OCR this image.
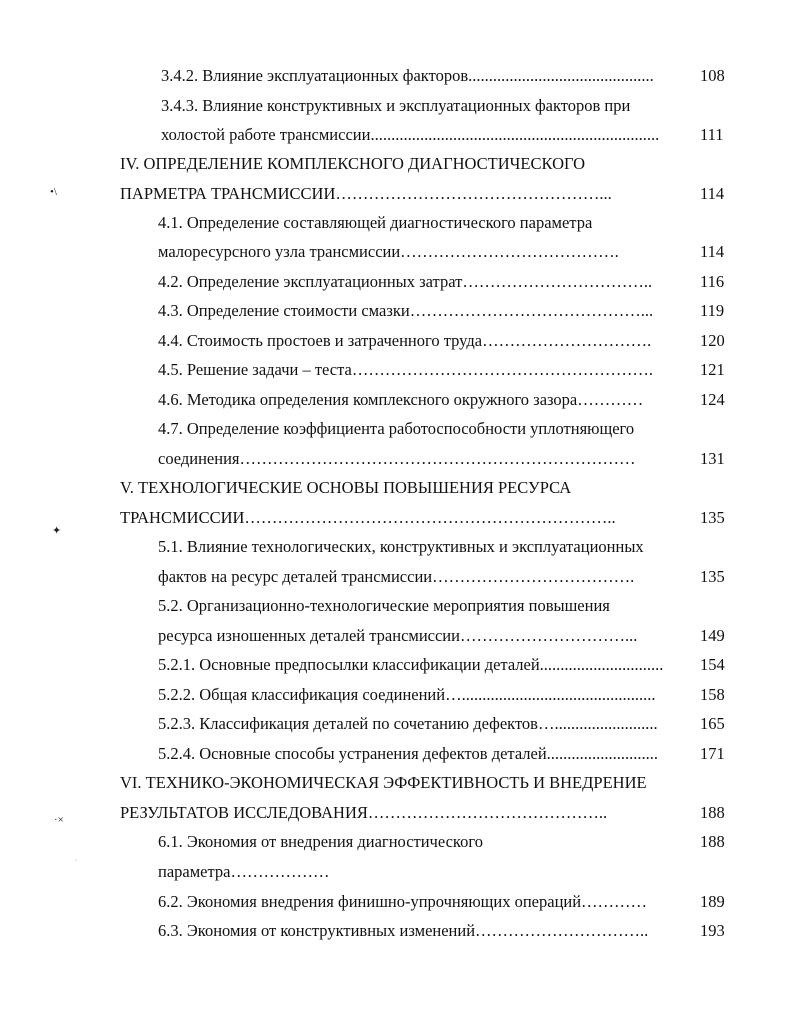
3.4.2. Влияние эксплуатационных факторов.............................................	108
3.4.3. Влияние конструктивных и эксплуатационных факторов при
холостой работе трансмиссии......................................................................	111
IV. ОПРЕДЕЛЕНИЕ КОМПЛЕКСНОГО ДИАГНОСТИЧЕСКОГО
ПАРМЕТРА ТРАНСМИССИИ…………………………………………...	114
4.1. Определение составляющей диагностического параметра
малоресурсного узла трансмиссии………………………………….	114
4.2. Определение эксплуатационных затрат……………………………..	116
4.3. Определение стоимости смазки……………………………………...	119
4.4. Стоимость простоев и затраченного труда………………………….	120
4.5. Решение задачи – теста……………………………………………….	121
4.6. Методика определения комплексного окружного зазора…………	124
4.7. Определение коэффициента работоспособности уплотняющего
соединения………………………………………………………………	131
V. ТЕХНОЛОГИЧЕСКИЕ ОСНОВЫ ПОВЫШЕНИЯ РЕСУРСА
ТРАНСМИССИИ…………………………………………………………..	135
5.1. Влияние технологических, конструктивных и эксплуатационных
фактов на ресурс деталей трансмиссии……………………………….	135
5.2. Организационно-технологические мероприятия повышения
ресурса изношенных деталей трансмиссии…………………………...	149
5.2.1. Основные предпосылки классификации деталей..............................	154
5.2.2. Общая классификация соединений…...............................................	158
5.2.3. Классификация деталей по сочетанию дефектов….........................	165
5.2.4. Основные способы устранения дефектов деталей...........................	171
VI. ТЕХНИКО-ЭКОНОМИЧЕСКАЯ ЭФФЕКТИВНОСТЬ И ВНЕДРЕНИЕ
РЕЗУЛЬТАТОВ ИССЛЕДОВАНИЯ……………………………………..	188
6.1. Экономия от внедрения диагностического	188
параметра………………
6.2. Экономия внедрения финишно-упрочняющих операций…………	189
6.3. Экономия от конструктивных изменений…………………………..	193
•\
✦
·×
·
